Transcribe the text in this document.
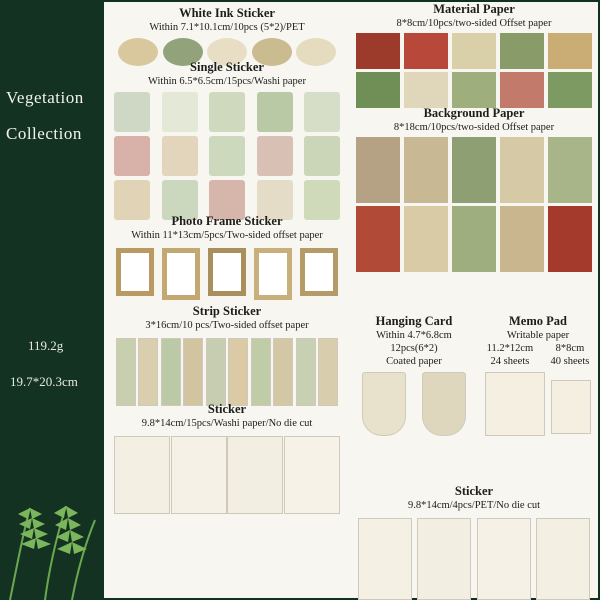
Vegetation
Collection
119.2g
19.7*20.3cm
White Ink Sticker
Within 7.1*10.1cm/10pcs (5*2)/PET
Single Sticker
Within 6.5*6.5cm/15pcs/Washi paper
Photo Frame Sticker
Within 11*13cm/5pcs/Two-sided offset paper
Strip Sticker
3*16cm/10 pcs/Two-sided offset paper
Sticker
9.8*14cm/15pcs/Washi paper/No die cut
Material Paper
8*8cm/10pcs/two-sided Offset paper
Background Paper
8*18cm/10pcs/two-sided Offset paper
Hanging Card
Within 4.7*6.8cm
12pcs(6*2)
Coated paper
Memo Pad
Writable paper
11.2*12cm
24 sheets
8*8cm
40 sheets
Sticker
9.8*14cm/4pcs/PET/No die cut
